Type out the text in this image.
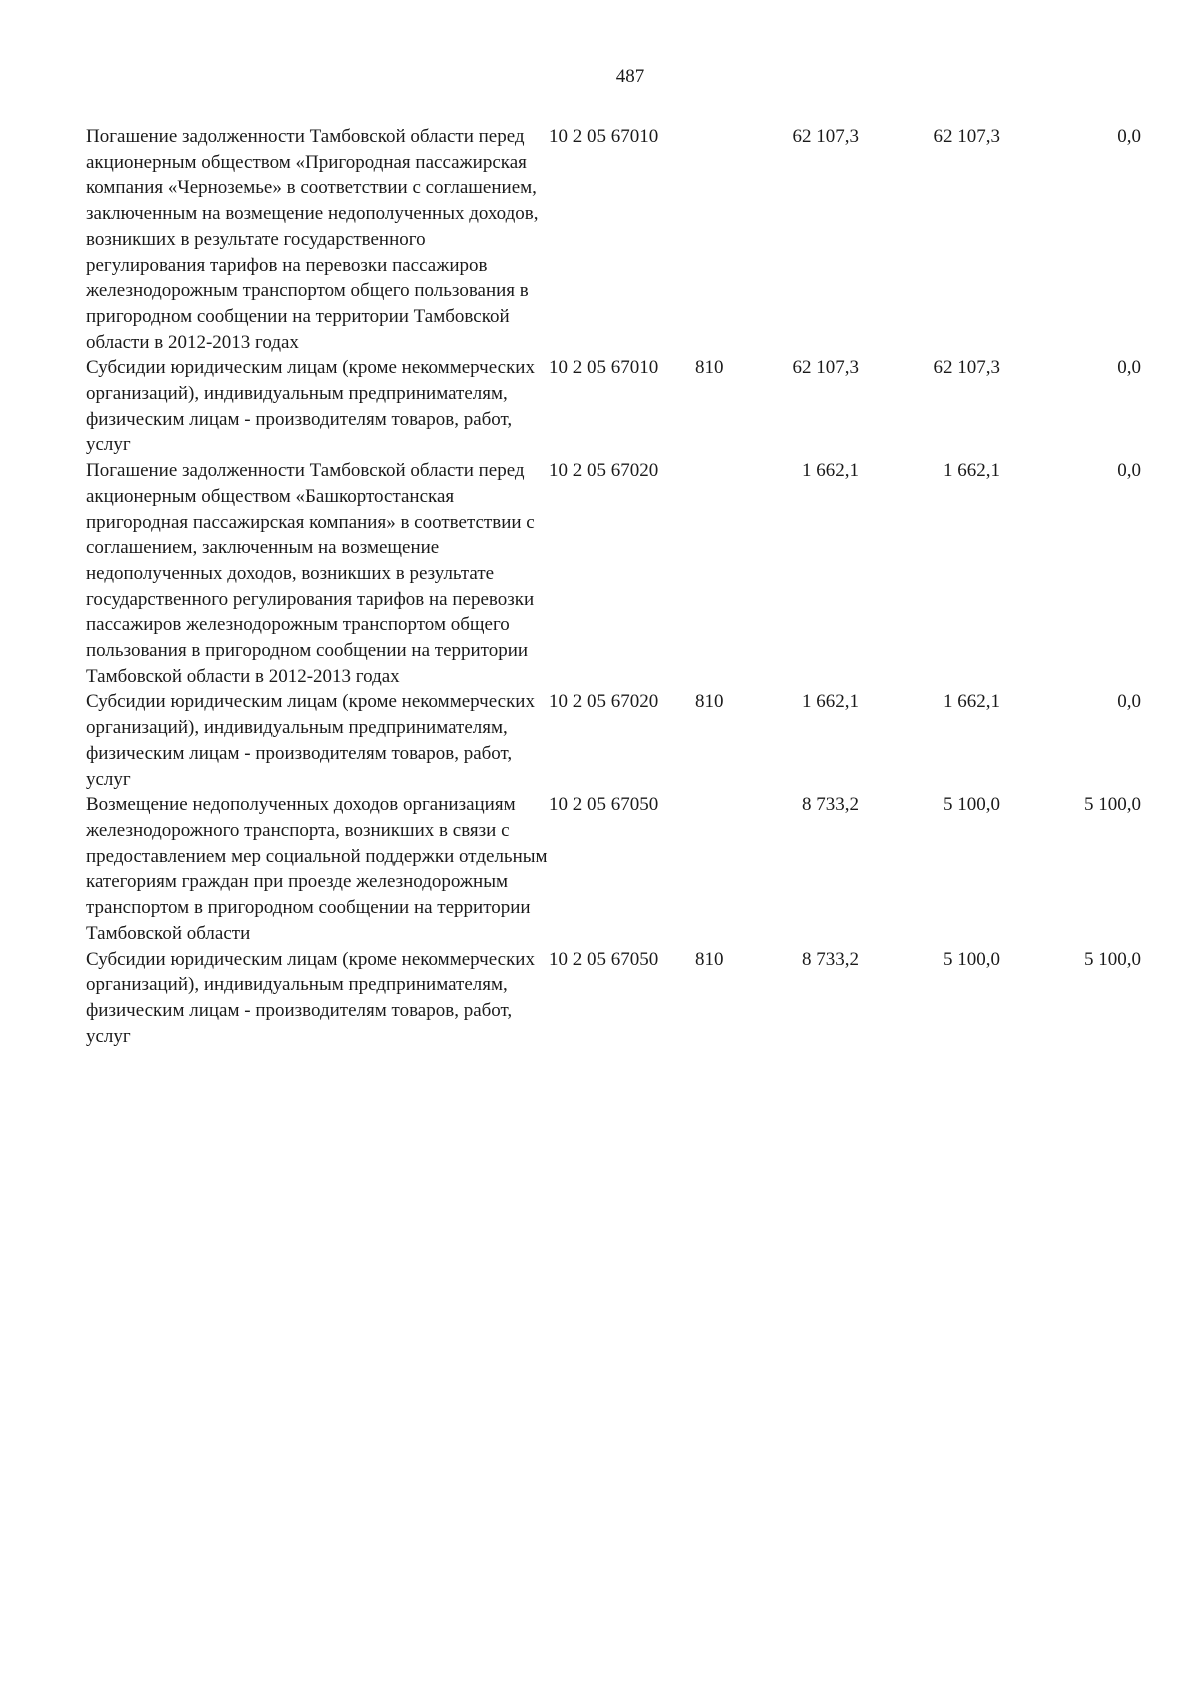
487
Погашение задолженности Тамбовской области перед акционерным обществом «Пригородная пассажирская компания «Черноземье» в соответствии с соглашением, заключенным на возмещение недополученных доходов, возникших в результате государственного регулирования тарифов на перевозки пассажиров железнодорожным транспортом общего пользования в пригородном сообщении на территории Тамбовской области в 2012-2013 годах	10 2 05 67010		62 107,3	62 107,3	0,0
Субсидии юридическим лицам (кроме некоммерческих организаций), индивидуальным предпринимателям, физическим лицам - производителям товаров, работ, услуг	10 2 05 67010	810	62 107,3	62 107,3	0,0
Погашение задолженности Тамбовской области перед акционерным обществом «Башкортостанская пригородная пассажирская компания» в соответствии с соглашением, заключенным на возмещение недополученных доходов, возникших в результате государственного регулирования тарифов на перевозки пассажиров железнодорожным транспортом общего пользования в пригородном сообщении на территории Тамбовской области в 2012-2013 годах	10 2 05 67020		1 662,1	1 662,1	0,0
Субсидии юридическим лицам (кроме некоммерческих организаций), индивидуальным предпринимателям, физическим лицам - производителям товаров, работ, услуг	10 2 05 67020	810	1 662,1	1 662,1	0,0
Возмещение недополученных доходов организациям железнодорожного транспорта, возникших в связи с предоставлением мер социальной поддержки отдельным категориям граждан при проезде железнодорожным транспортом в пригородном сообщении на территории Тамбовской области	10 2 05 67050		8 733,2	5 100,0	5 100,0
Субсидии юридическим лицам (кроме некоммерческих организаций), индивидуальным предпринимателям, физическим лицам - производителям товаров, работ, услуг	10 2 05 67050	810	8 733,2	5 100,0	5 100,0
